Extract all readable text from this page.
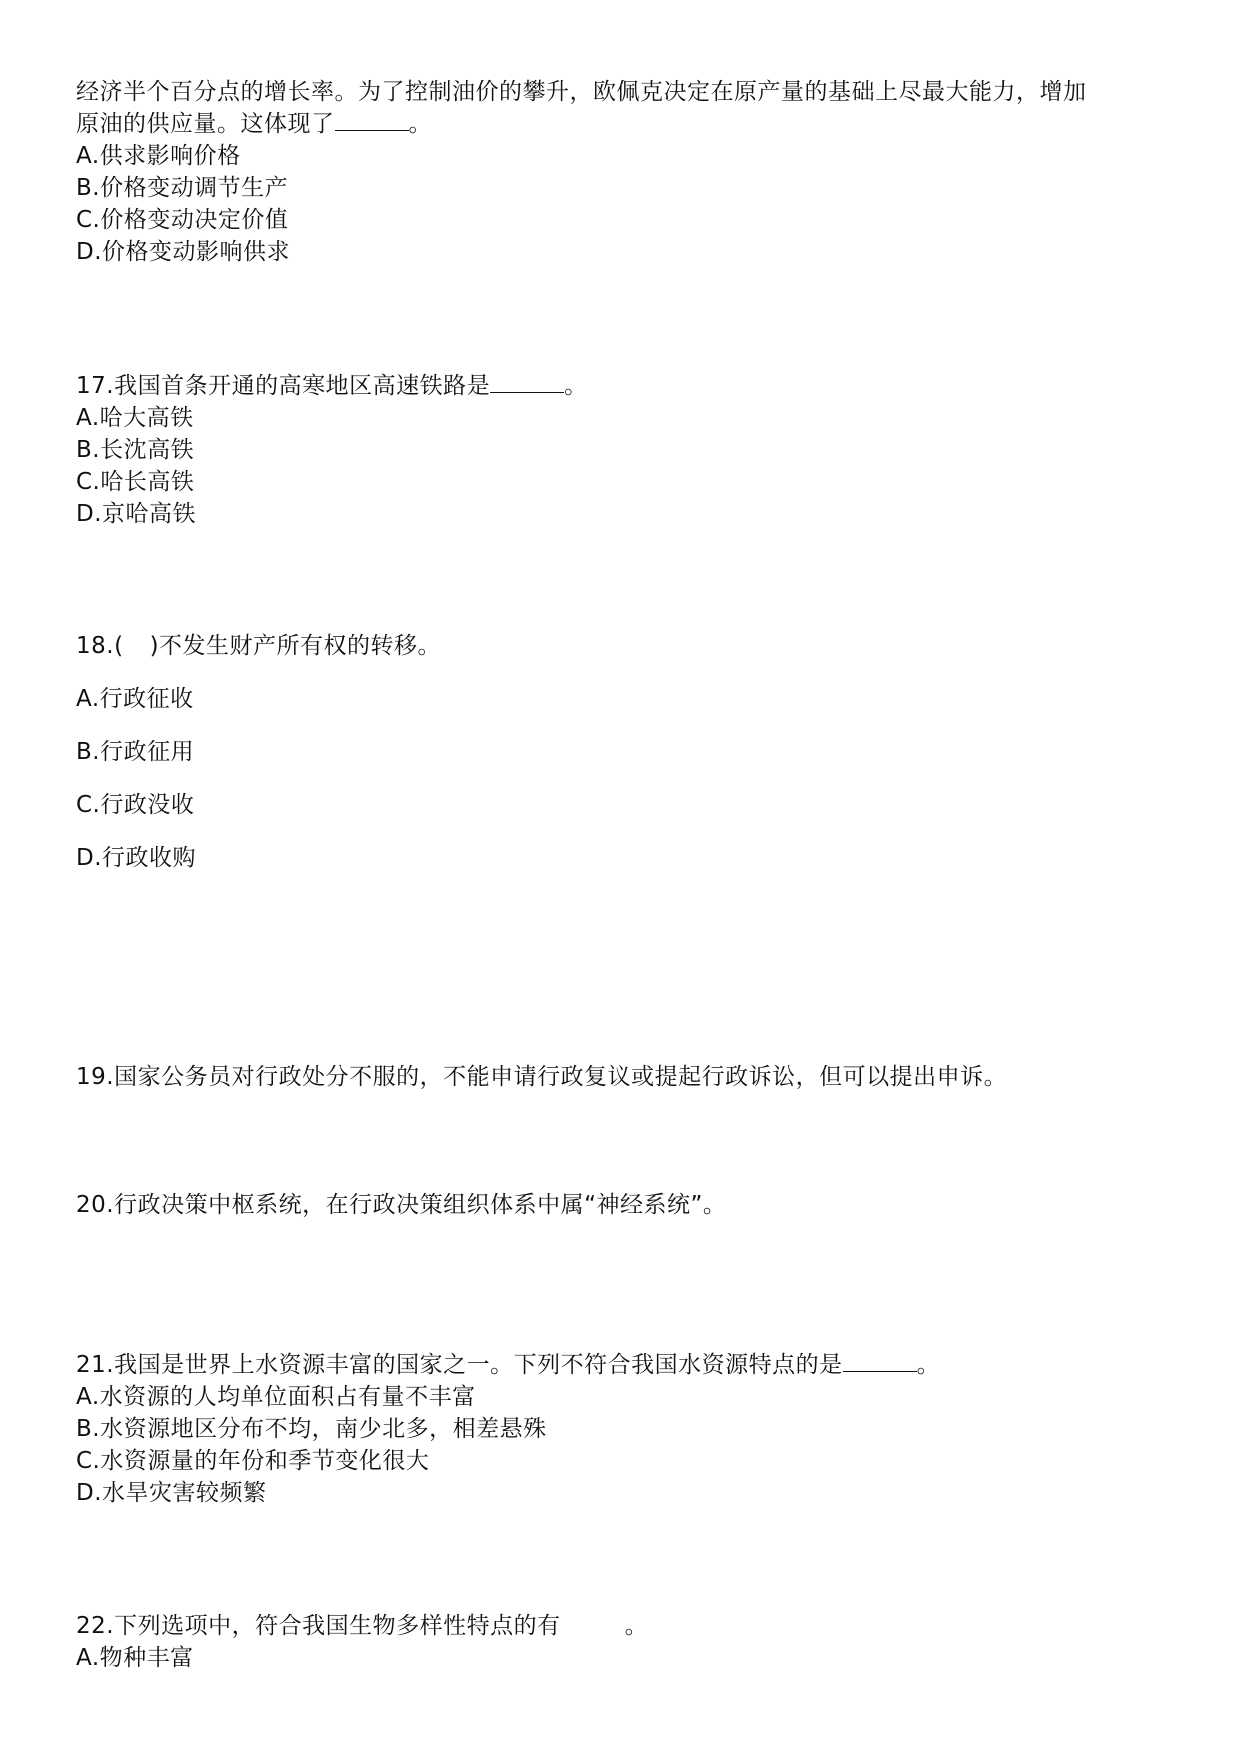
经济半个百分点的增长率。为了控制油价的攀升，欧佩克决定在原产量的基础上尽最大能力，增加

原油的供应量。这体现了	。

A.供求影响价格

B.价格变动调节生产

C.价格变动决定价值

D.价格变动影响供求

17.我国首条开通的高寒地区高速铁路是	。

A.哈大高铁

B.长沈高铁

C.哈长高铁

D.京哈高铁

18.( )不发生财产所有权的转移。

A.行政征收

B.行政征用

C.行政没收

D.行政收购

19.国家公务员对行政处分不服的，不能申请行政复议或提起行政诉讼，但可以提出申诉。

20.行政决策中枢系统，在行政决策组织体系中属“神经系统”。

21.我国是世界上水资源丰富的国家之一。下列不符合我国水资源特点的是	。

A.水资源的人均单位面积占有量不丰富

B.水资源地区分布不均，南少北多，相差悬殊

C.水资源量的年份和季节变化很大

D.水旱灾害较频繁

22.下列选项中，符合我国生物多样性特点的有	。

A.物种丰富
